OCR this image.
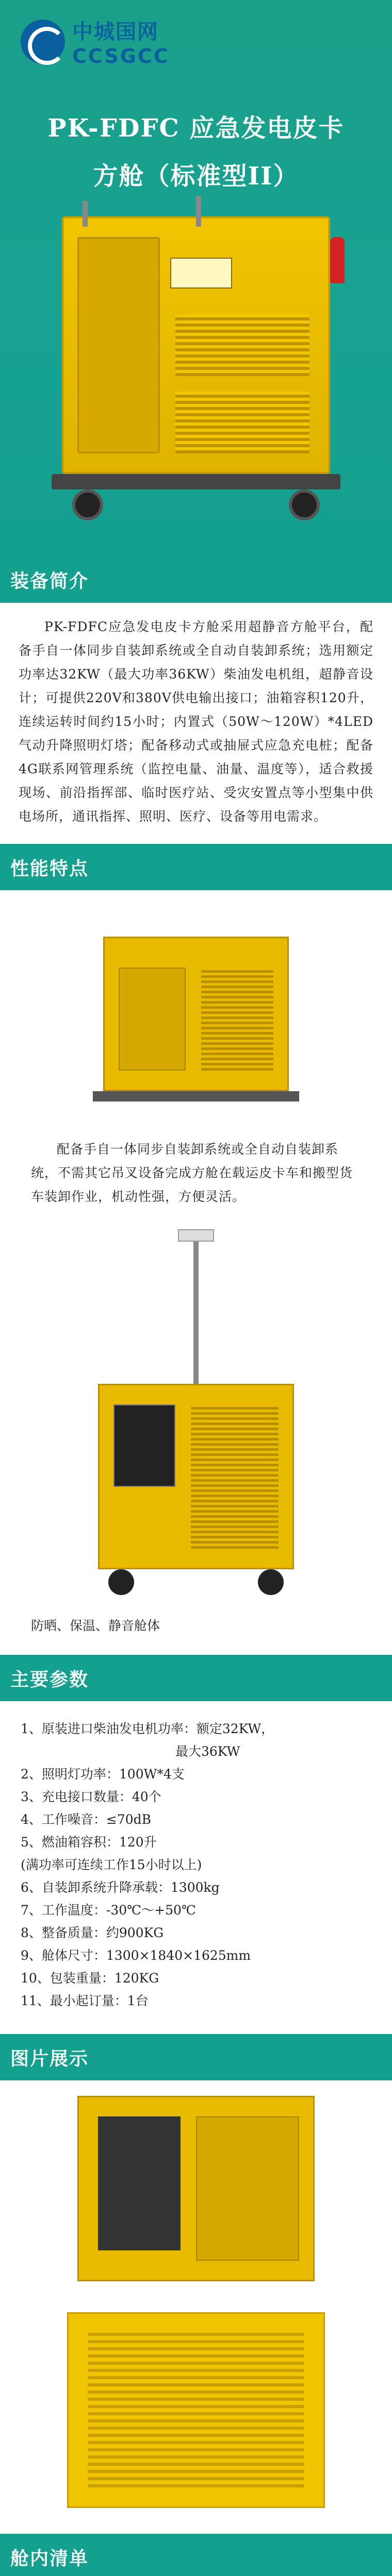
中城国网
CCSGCC
PK-FDFC 应急发电皮卡
方舱（标准型II）
装备简介

PK-FDFC应急发电皮卡方舱采用超静音方舱平台，配备手自一体同步自装卸系统或全自动自装卸系统；选用额定功率达32KW（最大功率36KW）柴油发电机组，超静音设计；可提供220V和380V供电输出接口；油箱容积120升，连续运转时间约15小时；内置式（50W～120W）*4LED气动升降照明灯塔；配备移动式或抽屉式应急充电桩；配备4G联系网管理系统（监控电量、油量、温度等），适合救援现场、前沿指挥部、临时医疗站、受灾安置点等小型集中供电场所，通讯指挥、照明、医疗、设备等用电需求。

性能特点
配备手自一体同步自装卸系统或全自动自装卸系统，不需其它吊叉设备完成方舱在载运皮卡车和搬型货车装卸作业，机动性强，方便灵活。
防晒、保温、静音舱体
主要参数
1、原装进口柴油发电机功率：额定32KW，
最大36KW
2、照明灯功率：100W*4支
3、充电接口数量：40个
4、工作噪音：≤70dB
5、燃油箱容积：120升
(满功率可连续工作15小时以上)
6、自装卸系统升降承载：1300kg
7、工作温度：-30℃～+50℃
8、整备质量：约900KG
9、舱体尺寸：1300×1840×1625mm
10、包装重量：120KG
11、最小起订量：1台
图片展示
舱内清单
